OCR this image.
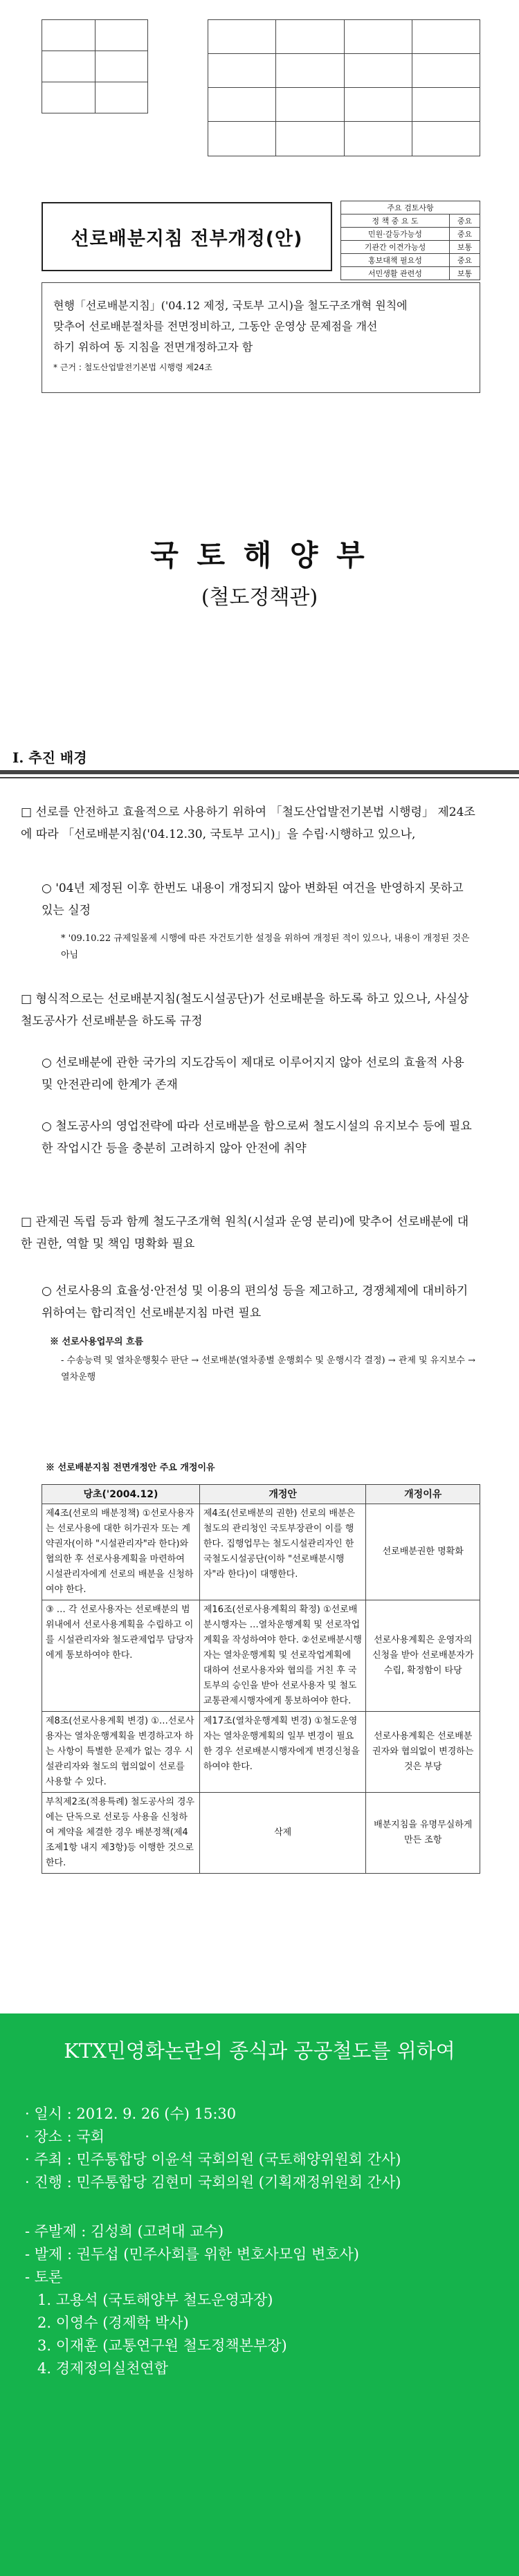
선로배분지침 전부개정(안)
주요 검토사항	
정 책 중 요 도	중요
민원·갈등가능성	중요
기관간 이견가능성	보통
홍보대책 필요성	중요
서민생활 관련성	보통
현행「선로배분지침」('04.12 제정, 국토부 고시)을 철도구조개혁 원칙에
맞추어 선로배분절차를 전면정비하고, 그동안 운영상 문제점을 개선
하기 위하여 동 지침을 전면개정하고자 함
* 근거 : 철도산업발전기본법 시행령 제24조
국 토 해 양 부
(철도정책관)
Ⅰ. 추진 배경
□ 선로를 안전하고 효율적으로 사용하기 위하여 「철도산업발전기본법 시행령」 제24조에 따라 「선로배분지침('04.12.30, 국토부 고시)」을 수립·시행하고 있으나,
○ '04년 제정된 이후 한번도 내용이 개정되지 않아 변화된 여건을 반영하지 못하고 있는 실정
* '09.10.22 규제일몰제 시행에 따른 자건토기한 설정을 위하여 개정된 적이 있으나, 내용이 개정된 것은 아님
□ 형식적으로는 선로배분지침(철도시설공단)가 선로배분을 하도록 하고 있으나, 사실상 철도공사가 선로배분을 하도록 규정
○ 선로배분에 관한 국가의 지도감독이 제대로 이루어지지 않아 선로의 효율적 사용 및 안전관리에 한계가 존재
○ 철도공사의 영업전략에 따라 선로배분을 함으로써 철도시설의 유지보수 등에 필요한 작업시간 등을 충분히 고려하지 않아 안전에 취약
□ 관제권 독립 등과 함께 철도구조개혁 원칙(시설과 운영 분리)에 맞추어 선로배분에 대한 권한, 역할 및 책임 명확화 필요
○ 선로사용의 효율성·안전성 및 이용의 편의성 등을 제고하고, 경쟁체제에 대비하기 위하여는 합리적인 선로배분지침 마련 필요
※ 선로사용업무의 흐름
- 수송능력 및 열차운행횟수 판단 → 선로배분(열차종별 운행회수 및 운행시각 결정) → 관제 및 유지보수 → 열차운행
※ 선로배분지침 전면개정안 주요 개정이유
당초('2004.12)	개정안	개정이유
제4조(선로의 배분정책) ①선로사용자는 선로사용에 대한 허가권자 또는 계약권자(이하 "시설관리자"라 한다)와 협의한 후 선로사용계획을 마련하여 시설관리자에게 선로의 배분을 신청하여야 한다.	제4조(선로배분의 권한) 선로의 배분은 철도의 관리청인 국토부장관이 이를 행한다. 집행업무는 철도시설관리자인 한국철도시설공단(이하 "선로배분시행자"라 한다)이 대행한다.	선로배분권한 명확화
③ … 각 선로사용자는 선로배분의 범위내에서 선로사용계획을 수립하고 이를 시설관리자와 철도관제업무 담당자에게 통보하여야 한다.	제16조(선로사용계획의 확정) ①선로배분시행자는 …열차운행계획 및 선로작업계획을 작성하여야 한다. ②선로배분시행자는 열차운행계획 및 선로작업계획에 대하여 선로사용자와 협의를 거친 후 국토부의 승인을 받아 선로사용자 및 철도교통관제시행자에게 통보하여야 한다.	선로사용계획은 운영자의 신청을 받아 선로배분자가 수립, 확정함이 타당
제8조(선로사용계획 변경) ①…선로사용자는 열차운행계획을 변경하고자 하는 사항이 특별한 문제가 없는 경우 시설관리자와 철도의 협의없이 선로를 사용할 수 있다.	제17조(열차운행계획 변경) ①철도운영자는 열차운행계획의 일부 변경이 필요한 경우 선로배분시행자에게 변경신청을 하여야 한다.	선로사용계획은 선로배분권자와 협의없이 변경하는 것은 부당
부칙제2조(적용특례) 철도공사의 경우에는 단독으로 선로등 사용을 신청하여 계약을 체결한 경우 배분정책(제4조제1항 내지 제3항)등 이행한 것으로 한다.	삭제	배분지침을 유명무실하게 만든 조항
KTX민영화논란의 종식과 공공철도를 위하여
· 일시 : 2012. 9. 26 (수) 15:30
· 장소 : 국회
· 주최 : 민주통합당 이윤석 국회의원 (국토해양위원회 간사)
· 진행 : 민주통합당 김현미 국회의원 (기획재정위원회 간사)
- 주발제 : 김성희 (고려대 교수)
- 발제 : 권두섭 (민주사회를 위한 변호사모임 변호사)
- 토론
1. 고용석 (국토해양부 철도운영과장)
2. 이영수 (경제학 박사)
3. 이재훈 (교통연구원 철도정책본부장)
4. 경제정의실천연합
